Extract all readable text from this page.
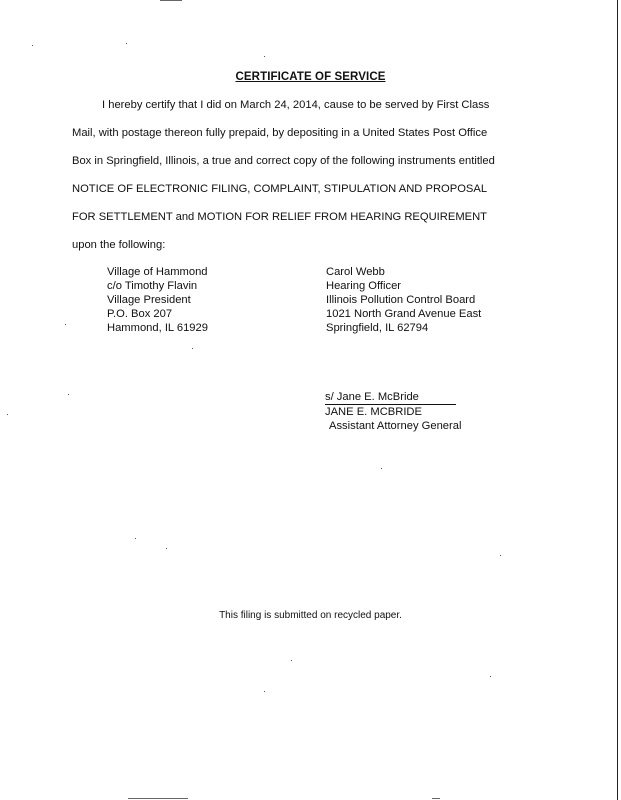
CERTIFICATE OF SERVICE
I hereby certify that I did on March 24, 2014, cause to be served by First Class
Mail, with postage thereon fully prepaid, by depositing in a United States Post Office
Box in Springfield, Illinois, a true and correct copy of the following instruments entitled
NOTICE OF ELECTRONIC FILING, COMPLAINT, STIPULATION AND PROPOSAL
FOR SETTLEMENT and MOTION FOR RELIEF FROM HEARING REQUIREMENT
upon the following:
Village of Hammond
c/o Timothy Flavin
Village President
P.O. Box 207
Hammond, IL 61929
Carol Webb
Hearing Officer
Illinois Pollution Control Board
1021 North Grand Avenue East
Springfield, IL 62794
s/ Jane E. McBride
JANE E. MCBRIDE
Assistant Attorney General
This filing is submitted on recycled paper.
